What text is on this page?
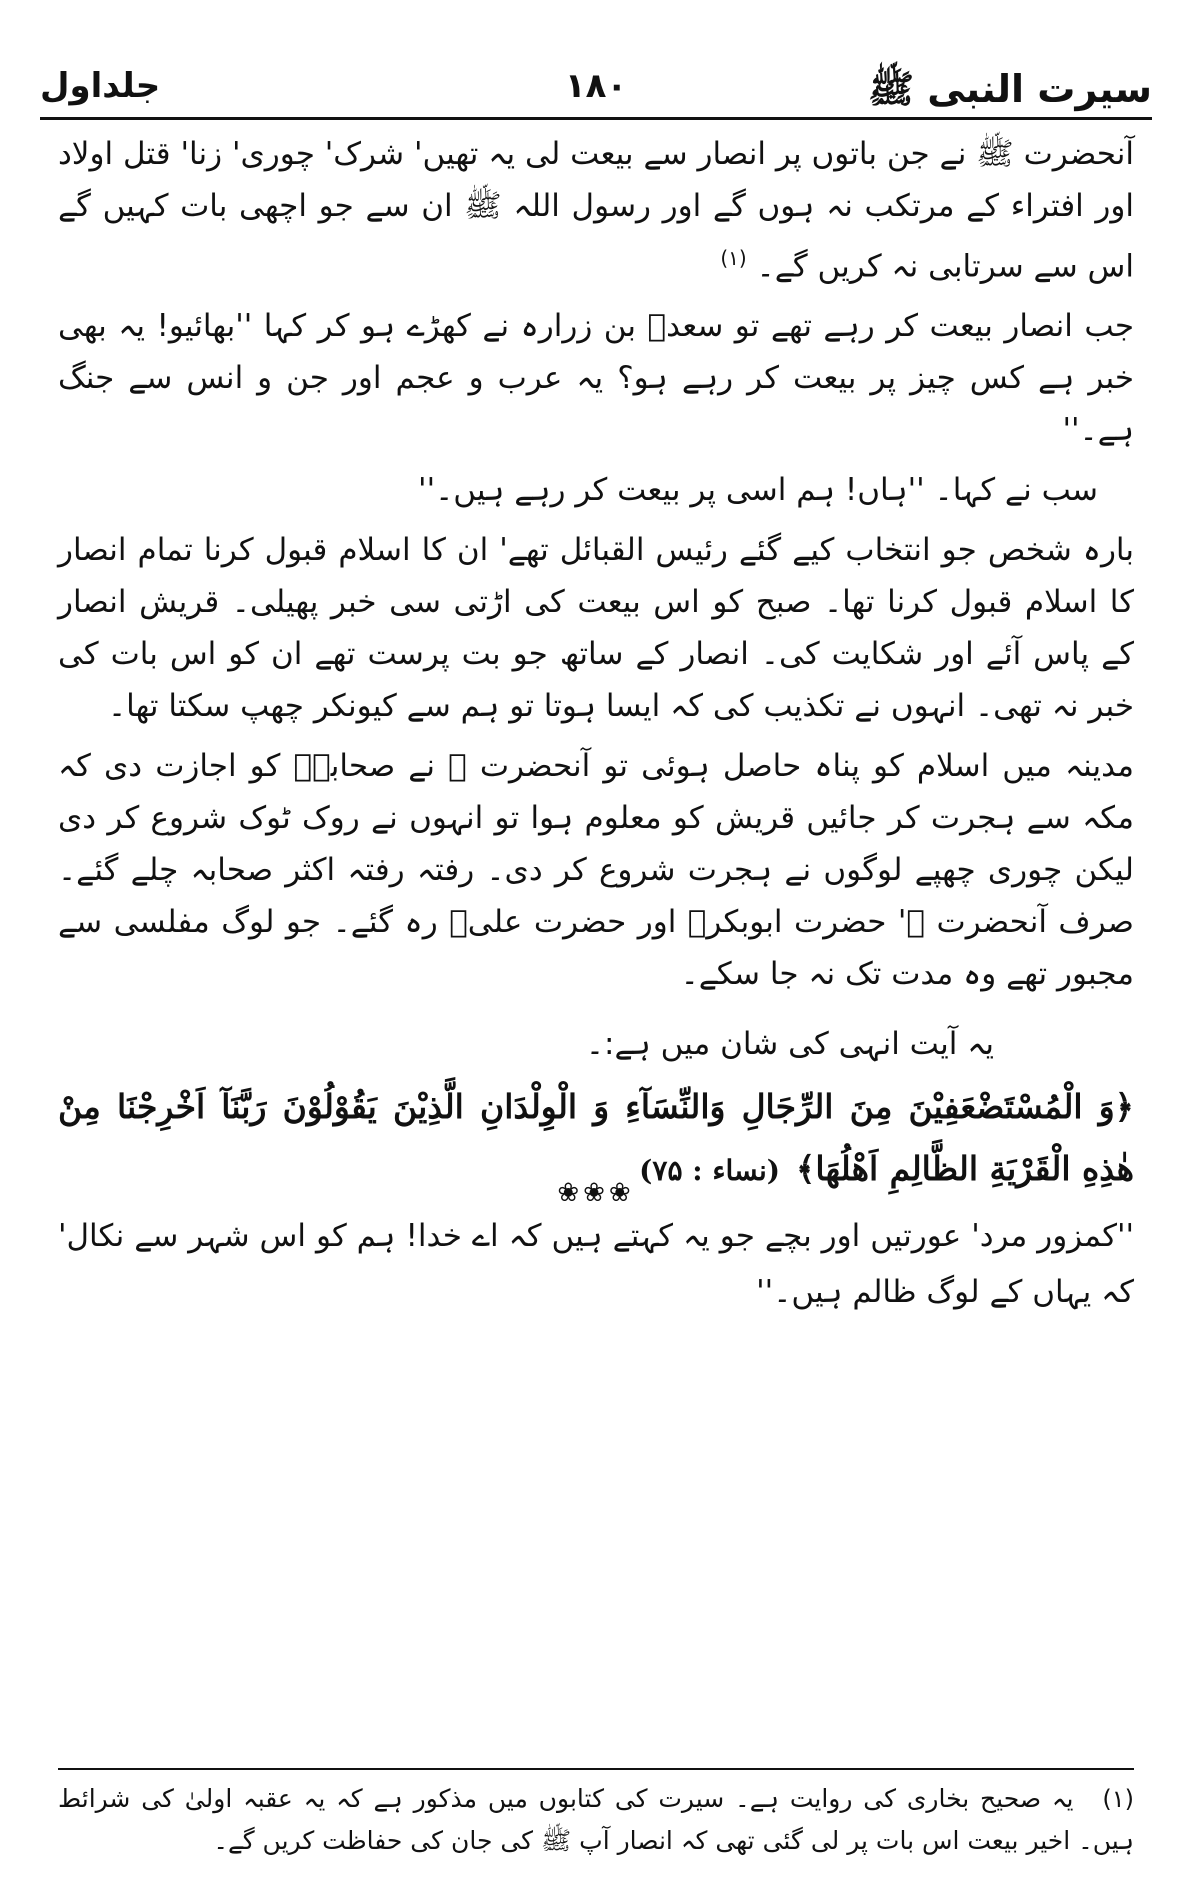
سیرت النبی ﷺ
۱۸۰
جلداول

آنحضرت ﷺ نے جن باتوں پر انصار سے بیعت لی یہ تھیں' شرک' چوری' زنا' قتل اولاد اور افتراء کے مرتکب نہ ہوں گے اور رسول اللہ ﷺ ان سے جو اچھی بات کہیں گے اس سے سرتابی نہ کریں گے۔ $^{(۱)}$

جب انصار بیعت کر رہے تھے تو سعدؓ بن زرارہ نے کھڑے ہو کر کہا ''بھائیو! یہ بھی خبر ہے کس چیز پر بیعت کر رہے ہو؟ یہ عرب و عجم اور جن و انس سے جنگ ہے۔''

سب نے کہا۔ ''ہاں! ہم اسی پر بیعت کر رہے ہیں۔''

بارہ شخص جو انتخاب کیے گئے رئیس القبائل تھے' ان کا اسلام قبول کرنا تمام انصار کا اسلام قبول کرنا تھا۔ صبح کو اس بیعت کی اڑتی سی خبر پھیلی۔ قریش انصار کے پاس آئے اور شکایت کی۔ انصار کے ساتھ جو بت پرست تھے ان کو اس بات کی خبر نہ تھی۔ انہوں نے تکذیب کی کہ ایسا ہوتا تو ہم سے کیونکر چھپ سکتا تھا۔

مدینہ میں اسلام کو پناہ حاصل ہوئی تو آنحضرت ﷺ نے صحابہؓ کو اجازت دی کہ مکہ سے ہجرت کر جائیں قریش کو معلوم ہوا تو انہوں نے روک ٹوک شروع کر دی لیکن چوری چھپے لوگوں نے ہجرت شروع کر دی۔ رفتہ رفتہ اکثر صحابہ چلے گئے۔ صرف آنحضرت ﷺ' حضرت ابوبکرؓ اور حضرت علیؓ رہ گئے۔ جو لوگ مفلسی سے مجبور تھے وہ مدت تک نہ جا سکے۔

یہ آیت انہی کی شان میں ہے:۔

﴿وَ الْمُسْتَضْعَفِيْنَ مِنَ الرِّجَالِ وَالنِّسَآءِ وَ الْوِلْدَانِ الَّذِيْنَ يَقُوْلُوْنَ رَبَّنَآ اَخْرِجْنَا مِنْ هٰذِهِ الْقَرْيَةِ الظَّالِمِ اَهْلُهَا﴾(نساء : ۷۵)

''کمزور مرد' عورتیں اور بچے جو یہ کہتے ہیں کہ اے خدا! ہم کو اس شہر سے نکال' کہ یہاں کے لوگ ظالم ہیں۔''

❀❀❀
(۱) یہ صحیح بخاری کی روایت ہے۔ سیرت کی کتابوں میں مذکور ہے کہ یہ عقبہ اولیٰ کی شرائط ہیں۔ اخیر بیعت اس بات پر لی گئی تھی کہ انصار آپ ﷺ کی جان کی حفاظت کریں گے۔
